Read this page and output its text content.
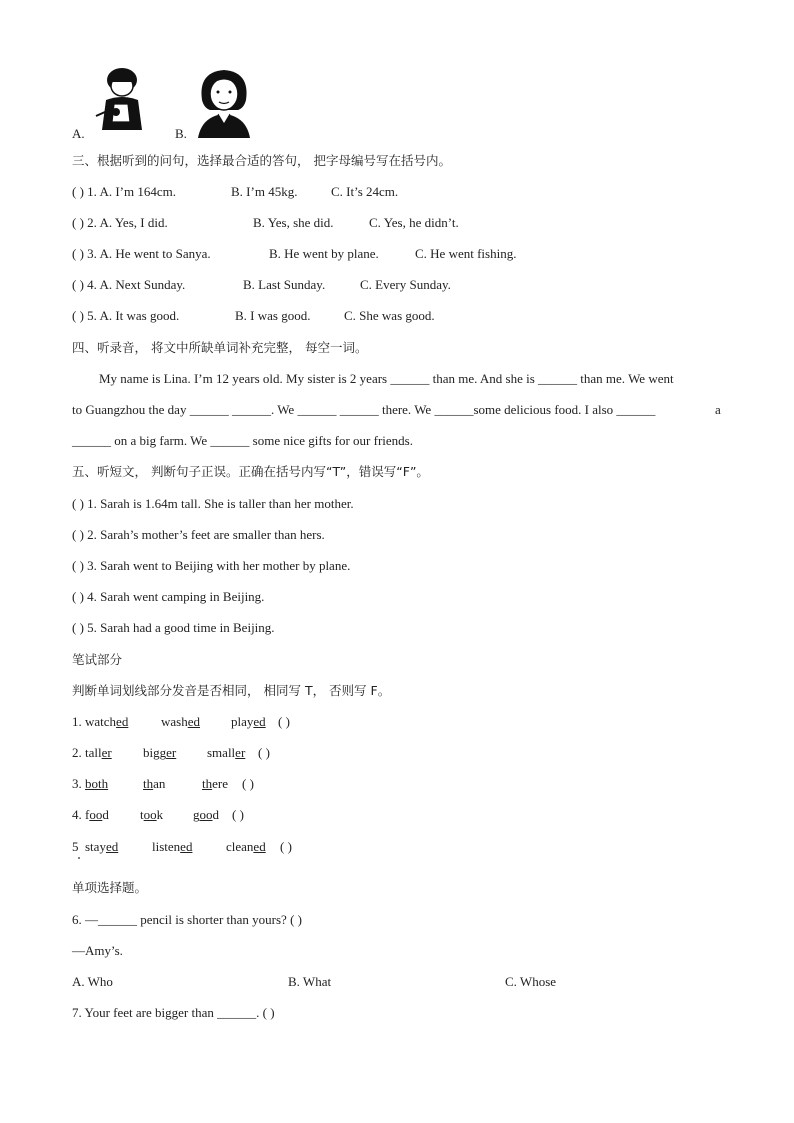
A.	B.
三、根据听到的问句，选择最合适的答句， 把字母编号写在括号内。
( ) 1. A. I’m 164cm.	B. I’m 45kg.	C. It’s 24cm.
( ) 2. A. Yes, I did.	B. Yes, she did.	C. Yes, he didn’t.
( ) 3. A. He went to Sanya.	B. He went by plane.	C. He went fishing.
( ) 4. A. Next Sunday.	B. Last Sunday.	C. Every Sunday.
( ) 5. A. It was good.	B. I was good.	C. She was good.
四、听录音， 将文中所缺单词补充完整， 每空一词。
My name is Lina. I’m 12 years old. My sister is 2 years ______ than me. And she is ______ than me. We went
to Guangzhou the day ______ ______. We ______ ______ there. We ______some delicious food. I also ______	a
______ on a big farm. We ______ some nice gifts for our friends.
五、听短文， 判断句子正误。正确在括号内写“T”，错误写“F”。
( ) 1. Sarah is 1.64m tall. She is taller than her mother.
( ) 2. Sarah’s mother’s feet are smaller than hers.
( ) 3. Sarah went to Beijing with her mother by plane.
( ) 4. Sarah went camping in Beijing.
( ) 5. Sarah had a good time in Beijing.
笔试部分
判断单词划线部分发音是否相同， 相同写 T， 否则写 F。
1. watched	washed played ( )
2. taller bigger smaller ( )
3. both	than	there ( )
4. food took good ( )
5 stayed	listened	cleaned ( )
单项选择题。
6. —______ pencil is shorter than yours? ( )
—Amy’s.
A. Who	B. What	C. Whose
7. Your feet are bigger than ______. ( )
